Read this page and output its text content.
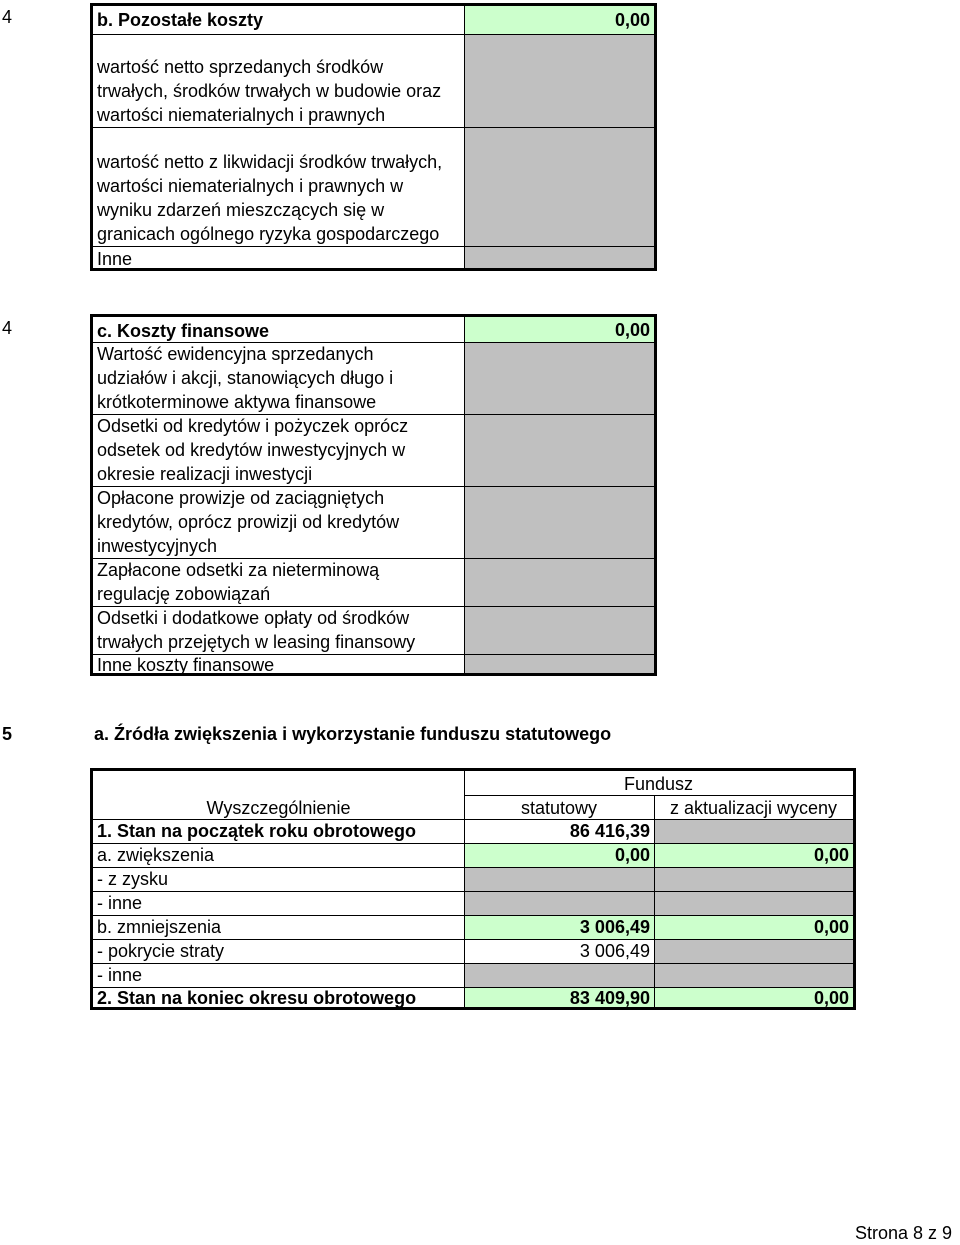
4	b. Pozostałe koszty	0,00
wartość netto sprzedanych środków
trwałych, środków trwałych w budowie oraz
wartości niematerialnych i prawnych
wartość netto z likwidacji środków trwałych,
wartości niematerialnych i prawnych w
wyniku zdarzeń mieszczących się w
granicach ogólnego ryzyka gospodarczego
Inne
4	c. Koszty finansowe	0,00
Wartość ewidencyjna sprzedanych
udziałów i akcji, stanowiących długo i
krótkoterminowe aktywa finansowe
Odsetki od kredytów i pożyczek oprócz
odsetek od kredytów inwestycyjnych w
okresie realizacji inwestycji
Opłacone prowizje od zaciągniętych
kredytów, oprócz prowizji od kredytów
inwestycyjnych
Zapłacone odsetki za nieterminową
regulację zobowiązań
Odsetki i dodatkowe opłaty od środków
trwałych przejętych w leasing finansowy
Inne koszty finansowe
5	a. Źródła zwiększenia i wykorzystanie funduszu statutowego
Fundusz
Wyszczególnienie	statutowy	z aktualizacji wyceny
1. Stan na początek roku obrotowego	86 416,39
a. zwiększenia	0,00	0,00
- z zysku
- inne
b. zmniejszenia	3 006,49	0,00
- pokrycie straty	3 006,49
- inne
2. Stan na koniec okresu obrotowego	83 409,90	0,00
Strona 8 z 9
